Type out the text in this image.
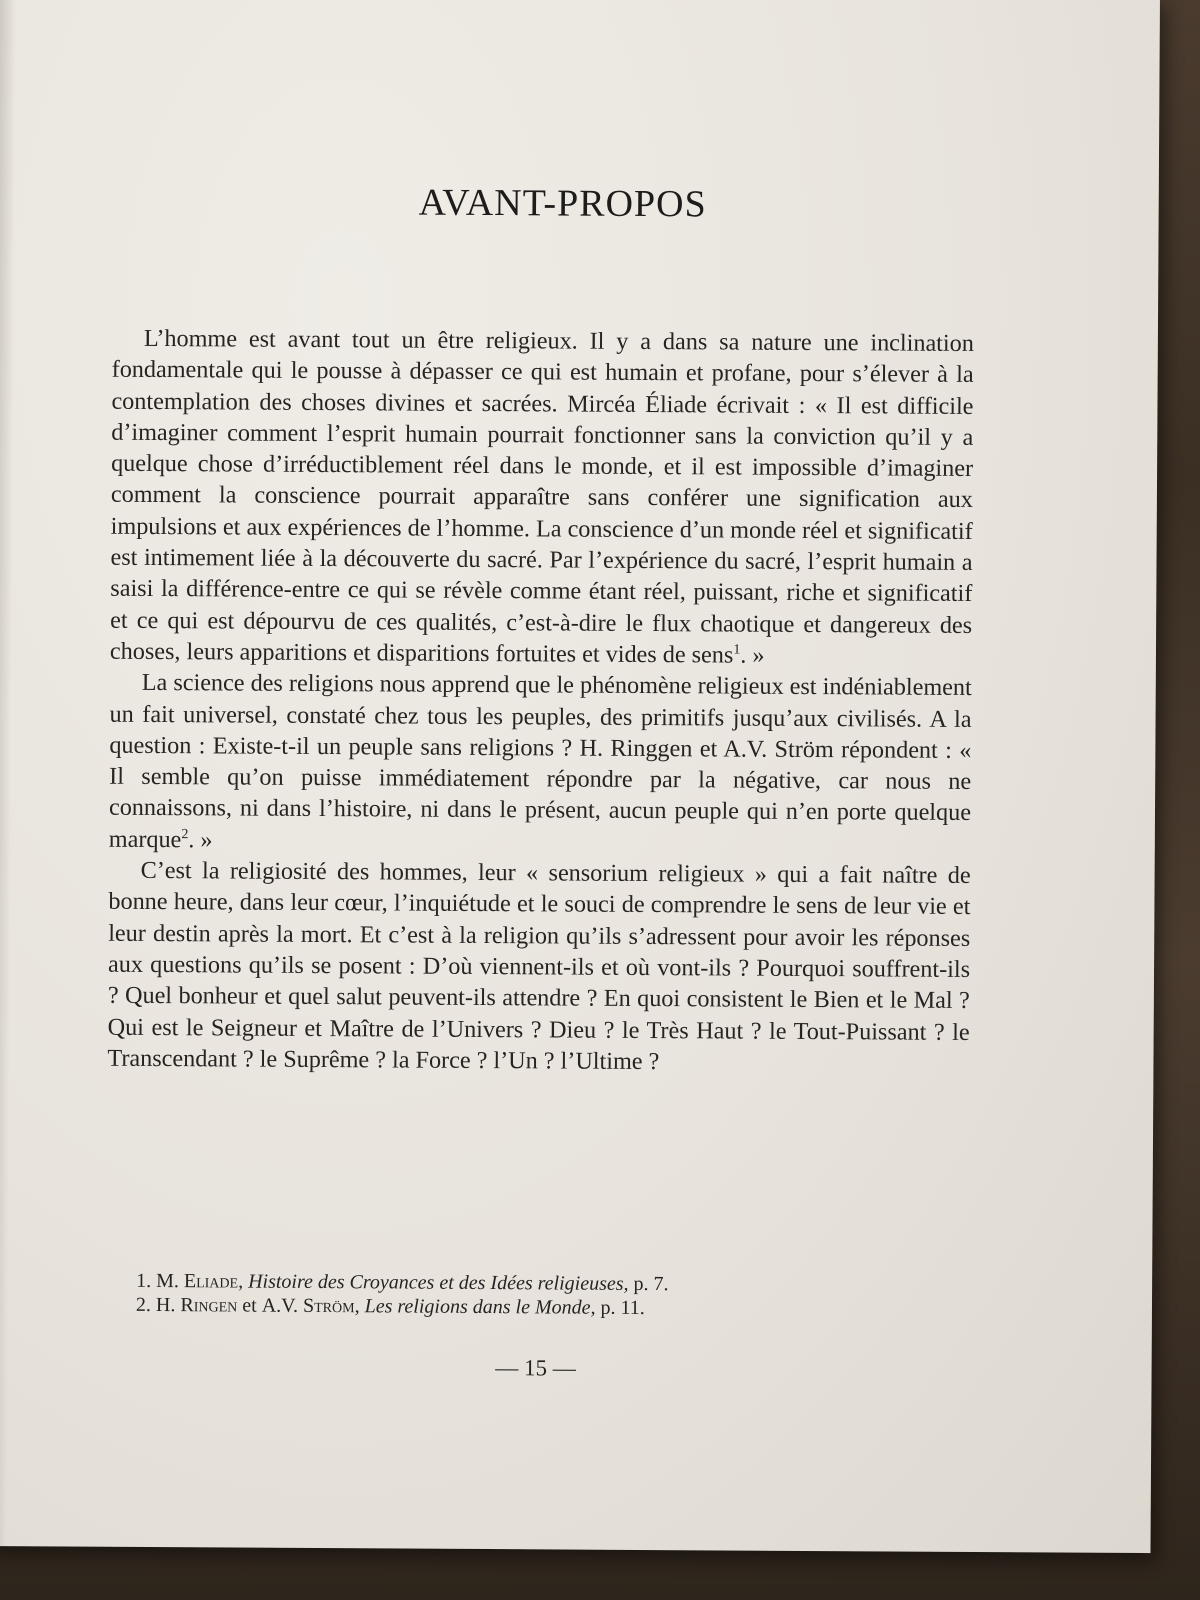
AVANT-PROPOS

L’homme est avant tout un être religieux. Il y a dans sa nature une inclination fondamentale qui le pousse à dépasser ce qui est humain et profane, pour s’élever à la contemplation des choses divines et sacrées. Mircéa Éliade écrivait : « Il est difficile d’imaginer comment l’esprit humain pourrait fonctionner sans la conviction qu’il y a quelque chose d’irréductiblement réel dans le monde, et il est impossible d’imaginer comment la conscience pourrait apparaître sans conférer une signification aux impulsions et aux expériences de l’homme. La conscience d’un monde réel et significatif est intimement liée à la découverte du sacré. Par l’expérience du sacré, l’esprit humain a saisi la différence-entre ce qui se révèle comme étant réel, puissant, riche et significatif et ce qui est dépourvu de ces qualités, c’est-à-dire le flux chaotique et dangereux des choses, leurs apparitions et disparitions fortuites et vides de sens$^1$. »

La science des religions nous apprend que le phénomène religieux est indéniablement un fait universel, constaté chez tous les peuples, des primitifs jusqu’aux civilisés. A la question : Existe-t-il un peuple sans religions ? H. Ringgen et A.V. Ström répondent : « Il semble qu’on puisse immédiatement répondre par la négative, car nous ne connaissons, ni dans l’histoire, ni dans le présent, aucun peuple qui n’en porte quelque marque$^2$. »

C’est la religiosité des hommes, leur « sensorium religieux » qui a fait naître de bonne heure, dans leur cœur, l’inquiétude et le souci de comprendre le sens de leur vie et leur destin après la mort. Et c’est à la religion qu’ils s’adressent pour avoir les réponses aux questions qu’ils se posent : D’où viennent-ils et où vont-ils ? Pourquoi souffrent-ils ? Quel bonheur et quel salut peuvent-ils attendre ? En quoi consistent le Bien et le Mal ? Qui est le Seigneur et Maître de l’Univers ? Dieu ? le Très Haut ? le Tout-Puissant ? le Transcendant ? le Suprême ? la Force ? l’Un ? l’Ultime ?

1. M. Eliade, Histoire des Croyances et des Idées religieuses, p. 7.
2. H. Ringen et A.V. Ström, Les religions dans le Monde, p. 11.
— 15 —
